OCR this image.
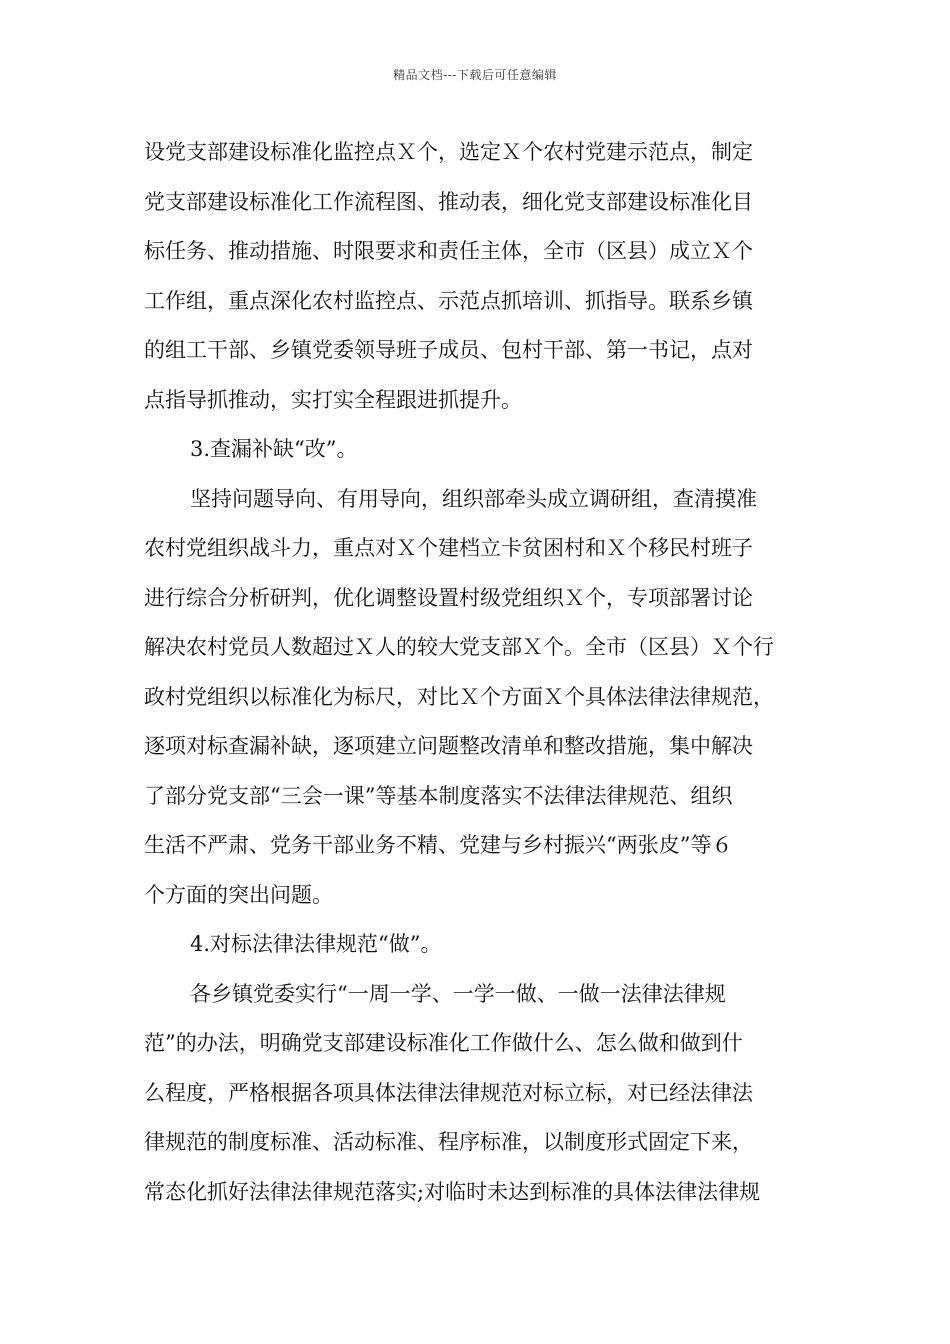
精品文档---下载后可任意编辑
设党支部建设标准化监控点Ｘ个，选定Ｘ个农村党建示范点，制定
党支部建设标准化工作流程图、推动表，细化党支部建设标准化目
标任务、推动措施、时限要求和责任主体，全市（区县）成立Ｘ个
工作组，重点深化农村监控点、示范点抓培训、抓指导。联系乡镇
的组工干部、乡镇党委领导班子成员、包村干部、第一书记，点对
点指导抓推动，实打实全程跟进抓提升。
3.查漏补缺“改”。
坚持问题导向、有用导向，组织部牵头成立调研组，查清摸准
农村党组织战斗力，重点对Ｘ个建档立卡贫困村和Ｘ个移民村班子
进行综合分析研判，优化调整设置村级党组织Ｘ个，专项部署讨论
解决农村党员人数超过Ｘ人的较大党支部Ｘ个。全市（区县）Ｘ个行
政村党组织以标准化为标尺，对比Ｘ个方面Ｘ个具体法律法律规范，
逐项对标查漏补缺，逐项建立问题整改清单和整改措施，集中解决
了部分党支部“三会一课”等基本制度落实不法律法律规范、组织
生活不严肃、党务干部业务不精、党建与乡村振兴“两张皮”等６
个方面的突出问题。
4.对标法律法律规范“做”。
各乡镇党委实行“一周一学、一学一做、一做一法律法律规
范”的办法，明确党支部建设标准化工作做什么、怎么做和做到什
么程度，严格根据各项具体法律法律规范对标立标，对已经法律法
律规范的制度标准、活动标准、程序标准，以制度形式固定下来，
常态化抓好法律法律规范落实;对临时未达到标准的具体法律法律规
